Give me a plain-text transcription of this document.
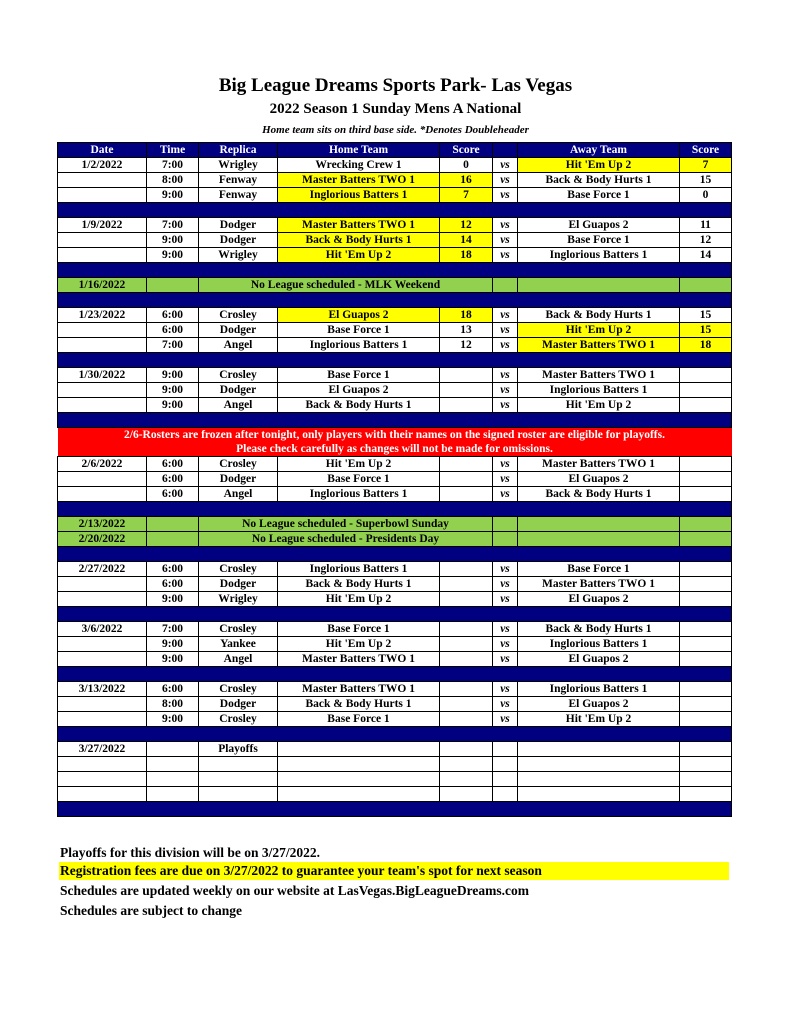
Big League Dreams Sports Park- Las Vegas
2022 Season 1 Sunday Mens A National
Home team sits on third base side. *Denotes Doubleheader
Date	Time	Replica	Home Team	Score		Away Team	Score
1/2/2022	7:00	Wrigley	Wrecking Crew 1	0	vs	Hit 'Em Up 2	7
	8:00	Fenway	Master Batters TWO 1	16	vs	Back & Body Hurts 1	15
	9:00	Fenway	Inglorious Batters 1	7	vs	Base Force 1	0

1/9/2022	7:00	Dodger	Master Batters TWO 1	12	vs	El Guapos 2	11
	9:00	Dodger	Back & Body Hurts 1	14	vs	Base Force 1	12
	9:00	Wrigley	Hit 'Em Up 2	18	vs	Inglorious Batters 1	14

1/16/2022		No League scheduled - MLK Weekend					

1/23/2022	6:00	Crosley	El Guapos 2	18	vs	Back & Body Hurts 1	15
	6:00	Dodger	Base Force 1	13	vs	Hit 'Em Up 2	15
	7:00	Angel	Inglorious Batters 1	12	vs	Master Batters TWO 1	18

1/30/2022	9:00	Crosley	Base Force 1		vs	Master Batters TWO 1	
	9:00	Dodger	El Guapos 2		vs	Inglorious Batters 1	
	9:00	Angel	Back & Body Hurts 1		vs	Hit 'Em Up 2	

2/6-Rosters are frozen after tonight, only players with their names on the signed roster are eligible for playoffs.
Please check carefully as changes will not be made for omissions.							

2/6/2022	6:00	Crosley	Hit 'Em Up 2		vs	Master Batters TWO 1	
	6:00	Dodger	Base Force 1		vs	El Guapos 2	
	6:00	Angel	Inglorious Batters 1		vs	Back & Body Hurts 1	

2/13/2022		No League scheduled - Superbowl Sunday					
2/20/2022		No League scheduled - Presidents Day					

2/27/2022	6:00	Crosley	Inglorious Batters 1		vs	Base Force 1	
	6:00	Dodger	Back & Body Hurts 1		vs	Master Batters TWO 1	
	9:00	Wrigley	Hit 'Em Up 2		vs	El Guapos 2	

3/6/2022	7:00	Crosley	Base Force 1		vs	Back & Body Hurts 1	
	9:00	Yankee	Hit 'Em Up 2		vs	Inglorious Batters 1	
	9:00	Angel	Master Batters TWO 1		vs	El Guapos 2	

3/13/2022	6:00	Crosley	Master Batters TWO 1		vs	Inglorious Batters 1	
	8:00	Dodger	Back & Body Hurts 1		vs	El Guapos 2	
	9:00	Crosley	Base Force 1		vs	Hit 'Em Up 2	

3/27/2022		Playoffs					

Playoffs for this division will be on 3/27/2022.
Registration fees are due on 3/27/2022 to guarantee your team's spot for next season
Schedules are updated weekly on our website at LasVegas.BigLeagueDreams.com
Schedules are subject to change
